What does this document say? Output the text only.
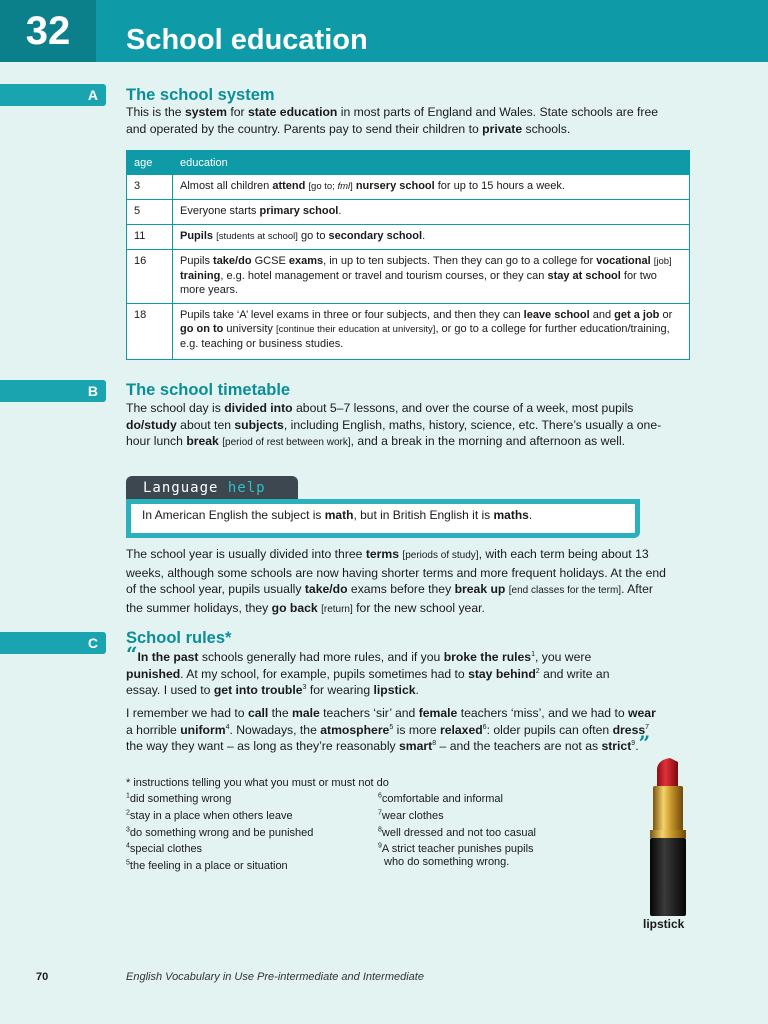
32	School education
A	The school system
This is the system for state education in most parts of England and Wales. State schools are free and operated by the country. Parents pay to send their children to private schools.
age	education
3	Almost all children attend [go to; fml] nursery school for up to 15 hours a week.
5	Everyone starts primary school.
11	Pupils [students at school] go to secondary school.
16	Pupils take/do GCSE exams, in up to ten subjects. Then they can go to a college for vocational [job] training, e.g. hotel management or travel and tourism courses, or they can stay at school for two more years.
18	Pupils take ‘A’ level exams in three or four subjects, and then they can leave school and get a job or go on to university [continue their education at university], or go to a college for further education/training, e.g. teaching or business studies.
B	The school timetable
The school day is divided into about 5–7 lessons, and over the course of a week, most pupils do/study about ten subjects, including English, maths, history, science, etc. There’s usually a one-hour lunch break [period of rest between work], and a break in the morning and afternoon as well.
Language help
In American English the subject is math, but in British English it is maths.
The school year is usually divided into three terms [periods of study], with each term being about 13 weeks, although some schools are now having shorter terms and more frequent holidays. At the end of the school year, pupils usually take/do exams before they break up [end classes for the term]. After the summer holidays, they go back [return] for the new school year.
C	School rules*
“In the past schools generally had more rules, and if you broke the rules$^1$, you were punished. At my school, for example, pupils sometimes had to stay behind$^2$ and write an essay. I used to get into trouble$^3$ for wearing lipstick.
I remember we had to call the male teachers ‘sir’ and female teachers ‘miss’, and we had to wear a horrible uniform$^4$. Nowadays, the atmosphere$^5$ is more relaxed$^6$: older pupils can often dress$^7$ the way they want – as long as they’re reasonably smart$^8$ – and the teachers are not as strict$^9$.”
* instructions telling you what you must or must not do
$^1$did something wrong
$^2$stay in a place when others leave
$^3$do something wrong and be punished
$^4$special clothes
$^5$the feeling in a place or situation
$^6$comfortable and informal
$^7$wear clothes
$^8$well dressed and not too casual
$^9$A strict teacher punishes pupils
who do something wrong.
lipstick
70	English Vocabulary in Use Pre-intermediate and Intermediate
